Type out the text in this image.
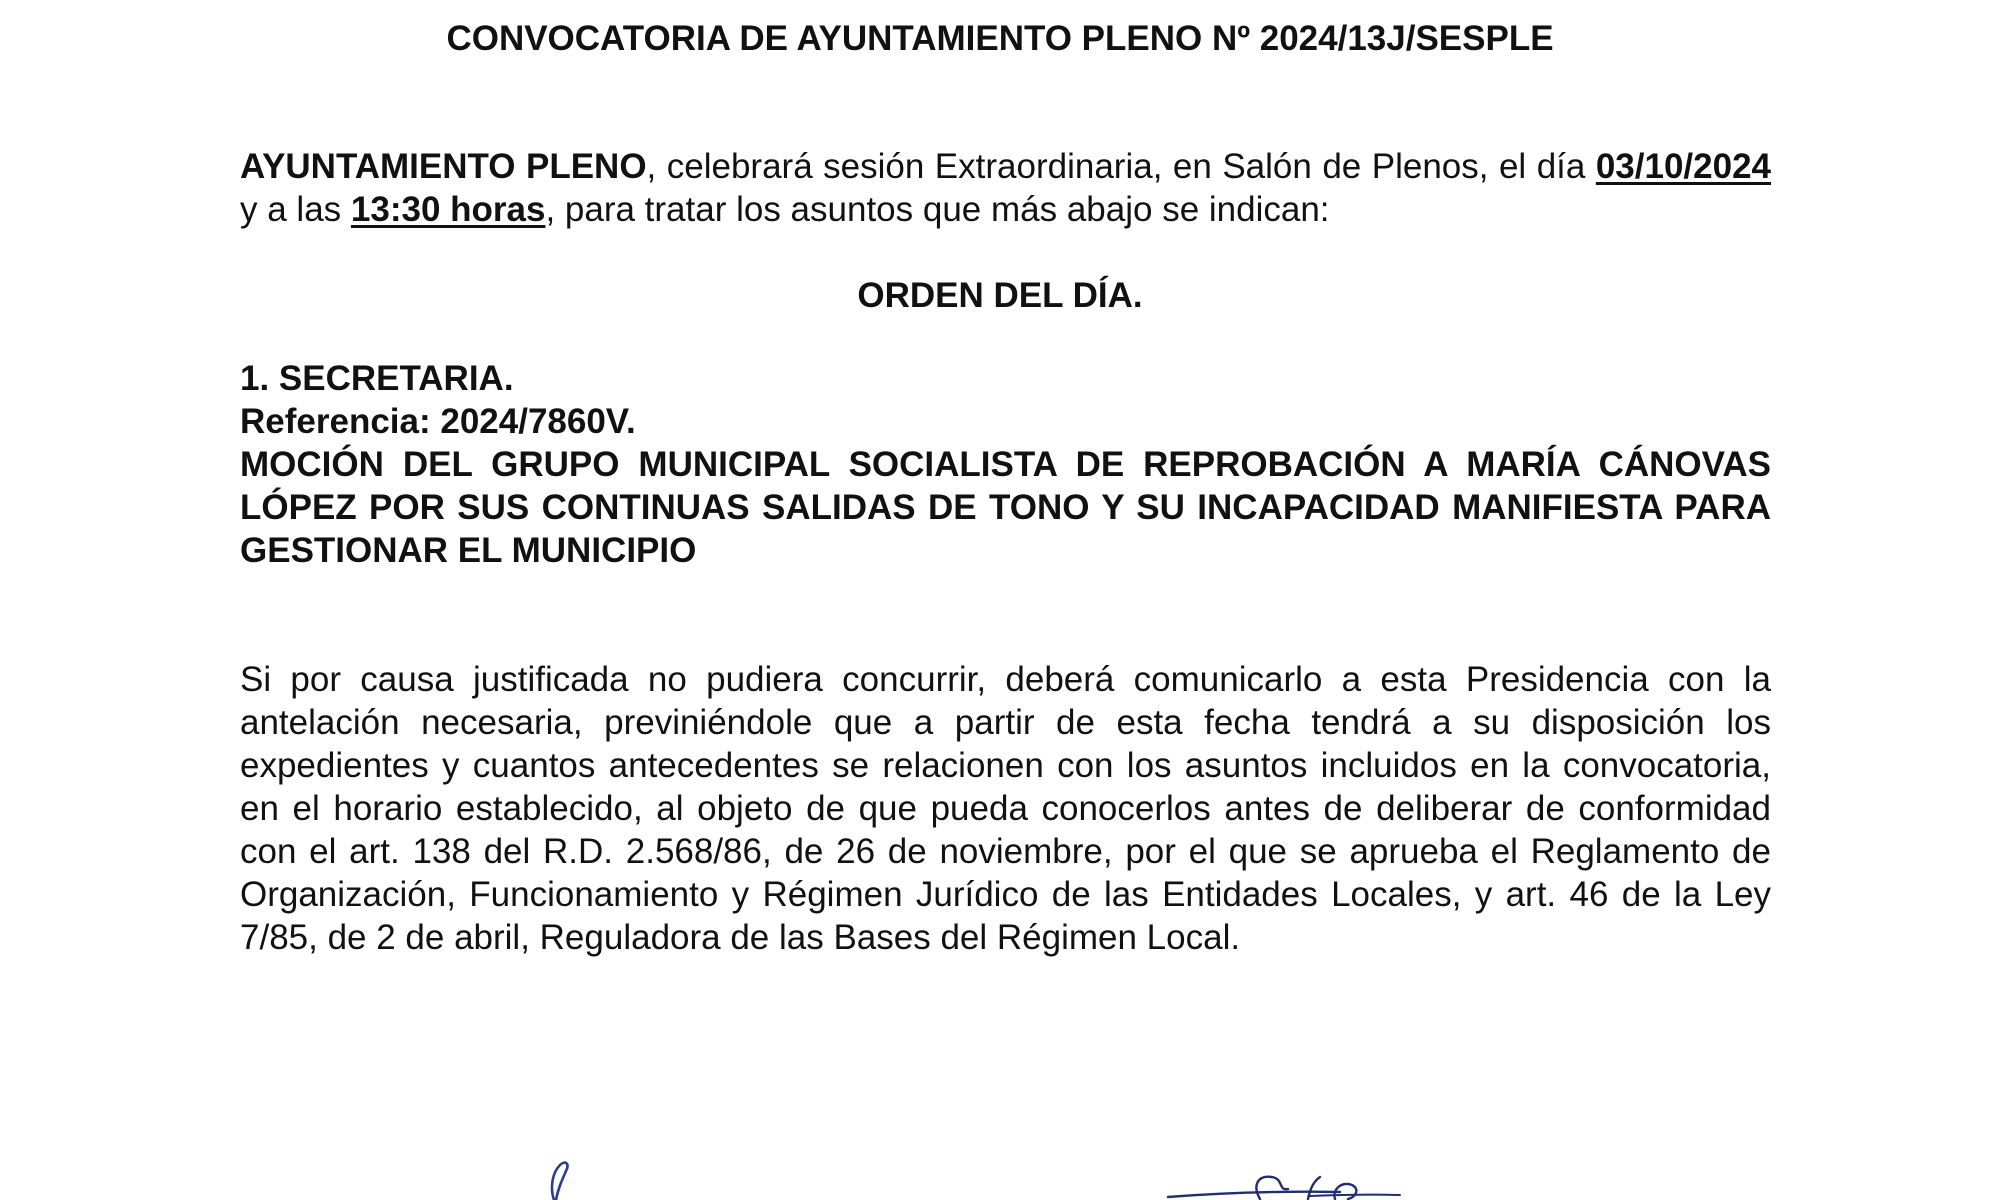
CONVOCATORIA DE AYUNTAMIENTO PLENO Nº 2024/13J/SESPLE
AYUNTAMIENTO PLENO, celebrará sesión Extraordinaria, en Salón de Plenos, el día 03/10/2024 y a las 13:30 horas, para tratar los asuntos que más abajo se indican:
ORDEN DEL DÍA.
1. SECRETARIA.
Referencia: 2024/7860V.
MOCIÓN DEL GRUPO MUNICIPAL SOCIALISTA DE REPROBACIÓN A MARÍA CÁNOVAS LÓPEZ POR SUS CONTINUAS SALIDAS DE TONO Y SU INCAPACIDAD MANIFIESTA PARA GESTIONAR EL MUNICIPIO
Si por causa justificada no pudiera concurrir, deberá comunicarlo a esta Presidencia con la antelación necesaria, previniéndole que a partir de esta fecha tendrá a su disposición los expedientes y cuantos antecedentes se relacionen con los asuntos incluidos en la convocatoria, en el horario establecido, al objeto de que pueda conocerlos antes de deliberar de conformidad con el art. 138 del R.D. 2.568/86, de 26 de noviembre, por el que se aprueba el Reglamento de Organización, Funcionamiento y Régimen Jurídico de las Entidades Locales, y art. 46 de la Ley 7/85, de 2 de abril, Reguladora de las Bases del Régimen Local.
